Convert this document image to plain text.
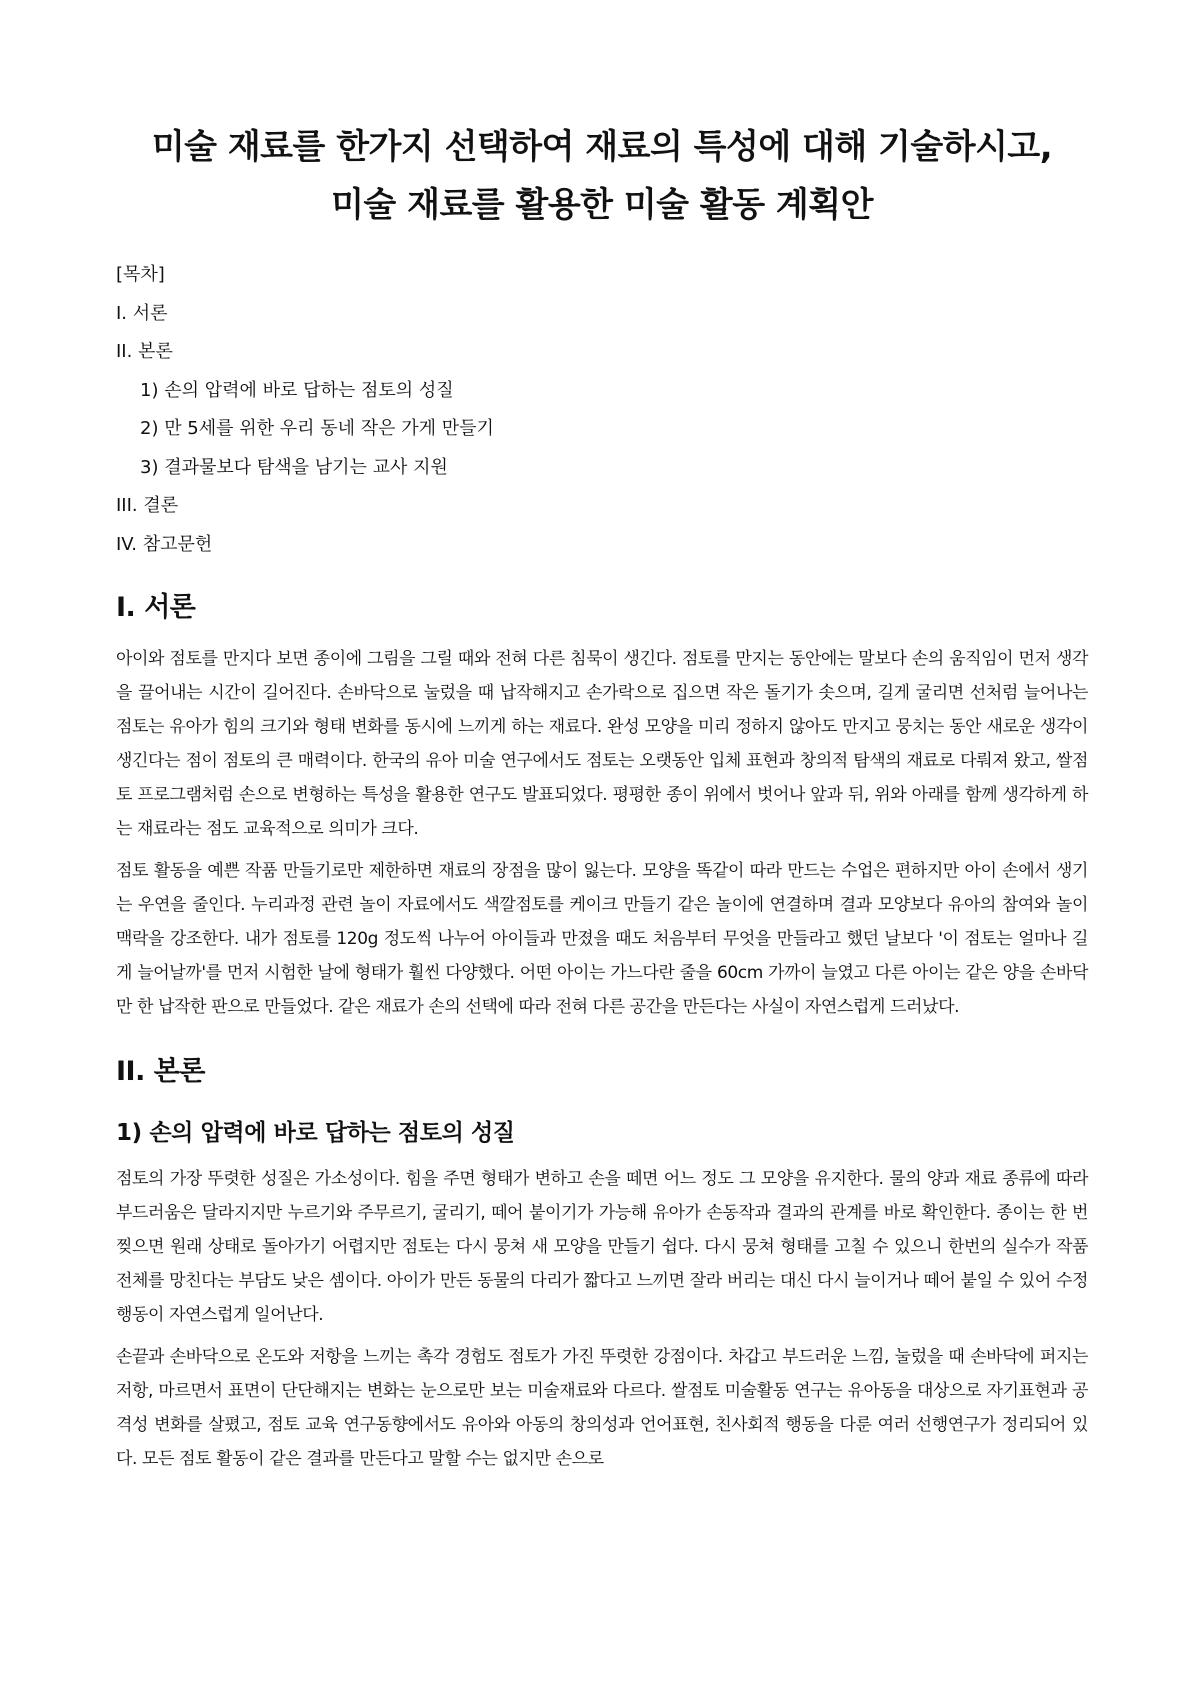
미술 재료를 한가지 선택하여 재료의 특성에 대해 기술하시고,
미술 재료를 활용한 미술 활동 계획안
[목차]
I. 서론
II. 본론
1) 손의 압력에 바로 답하는 점토의 성질
2) 만 5세를 위한 우리 동네 작은 가게 만들기
3) 결과물보다 탐색을 남기는 교사 지원
III. 결론
IV. 참고문헌
I. 서론

아이와 점토를 만지다 보면 종이에 그림을 그릴 때와 전혀 다른 침묵이 생긴다. 점토를 만지는 동안에는 말보다 손의 움직임이 먼저 생각을 끌어내는 시간이 길어진다. 손바닥으로 눌렀을 때 납작해지고 손가락으로 집으면 작은 돌기가 솟으며, 길게 굴리면 선처럼 늘어나는 점토는 유아가 힘의 크기와 형태 변화를 동시에 느끼게 하는 재료다. 완성 모양을 미리 정하지 않아도 만지고 뭉치는 동안 새로운 생각이 생긴다는 점이 점토의 큰 매력이다. 한국의 유아 미술 연구에서도 점토는 오랫동안 입체 표현과 창의적 탐색의 재료로 다뤄져 왔고, 쌀점토 프로그램처럼 손으로 변형하는 특성을 활용한 연구도 발표되었다. 평평한 종이 위에서 벗어나 앞과 뒤, 위와 아래를 함께 생각하게 하는 재료라는 점도 교육적으로 의미가 크다.

점토 활동을 예쁜 작품 만들기로만 제한하면 재료의 장점을 많이 잃는다. 모양을 똑같이 따라 만드는 수업은 편하지만 아이 손에서 생기는 우연을 줄인다. 누리과정 관련 놀이 자료에서도 색깔점토를 케이크 만들기 같은 놀이에 연결하며 결과 모양보다 유아의 참여와 놀이 맥락을 강조한다. 내가 점토를 120g 정도씩 나누어 아이들과 만졌을 때도 처음부터 무엇을 만들라고 했던 날보다 '이 점토는 얼마나 길게 늘어날까'를 먼저 시험한 날에 형태가 훨씬 다양했다. 어떤 아이는 가느다란 줄을 60cm 가까이 늘였고 다른 아이는 같은 양을 손바닥만 한 납작한 판으로 만들었다. 같은 재료가 손의 선택에 따라 전혀 다른 공간을 만든다는 사실이 자연스럽게 드러났다.

II. 본론
1) 손의 압력에 바로 답하는 점토의 성질

점토의 가장 뚜렷한 성질은 가소성이다. 힘을 주면 형태가 변하고 손을 떼면 어느 정도 그 모양을 유지한다. 물의 양과 재료 종류에 따라 부드러움은 달라지지만 누르기와 주무르기, 굴리기, 떼어 붙이기가 가능해 유아가 손동작과 결과의 관계를 바로 확인한다. 종이는 한 번 찢으면 원래 상태로 돌아가기 어렵지만 점토는 다시 뭉쳐 새 모양을 만들기 쉽다. 다시 뭉쳐 형태를 고칠 수 있으니 한번의 실수가 작품 전체를 망친다는 부담도 낮은 셈이다. 아이가 만든 동물의 다리가 짧다고 느끼면 잘라 버리는 대신 다시 늘이거나 떼어 붙일 수 있어 수정 행동이 자연스럽게 일어난다.

손끝과 손바닥으로 온도와 저항을 느끼는 촉각 경험도 점토가 가진 뚜렷한 강점이다. 차갑고 부드러운 느낌, 눌렀을 때 손바닥에 퍼지는 저항, 마르면서 표면이 단단해지는 변화는 눈으로만 보는 미술재료와 다르다. 쌀점토 미술활동 연구는 유아동을 대상으로 자기표현과 공격성 변화를 살폈고, 점토 교육 연구동향에서도 유아와 아동의 창의성과 언어표현, 친사회적 행동을 다룬 여러 선행연구가 정리되어 있다. 모든 점토 활동이 같은 결과를 만든다고 말할 수는 없지만 손으로
